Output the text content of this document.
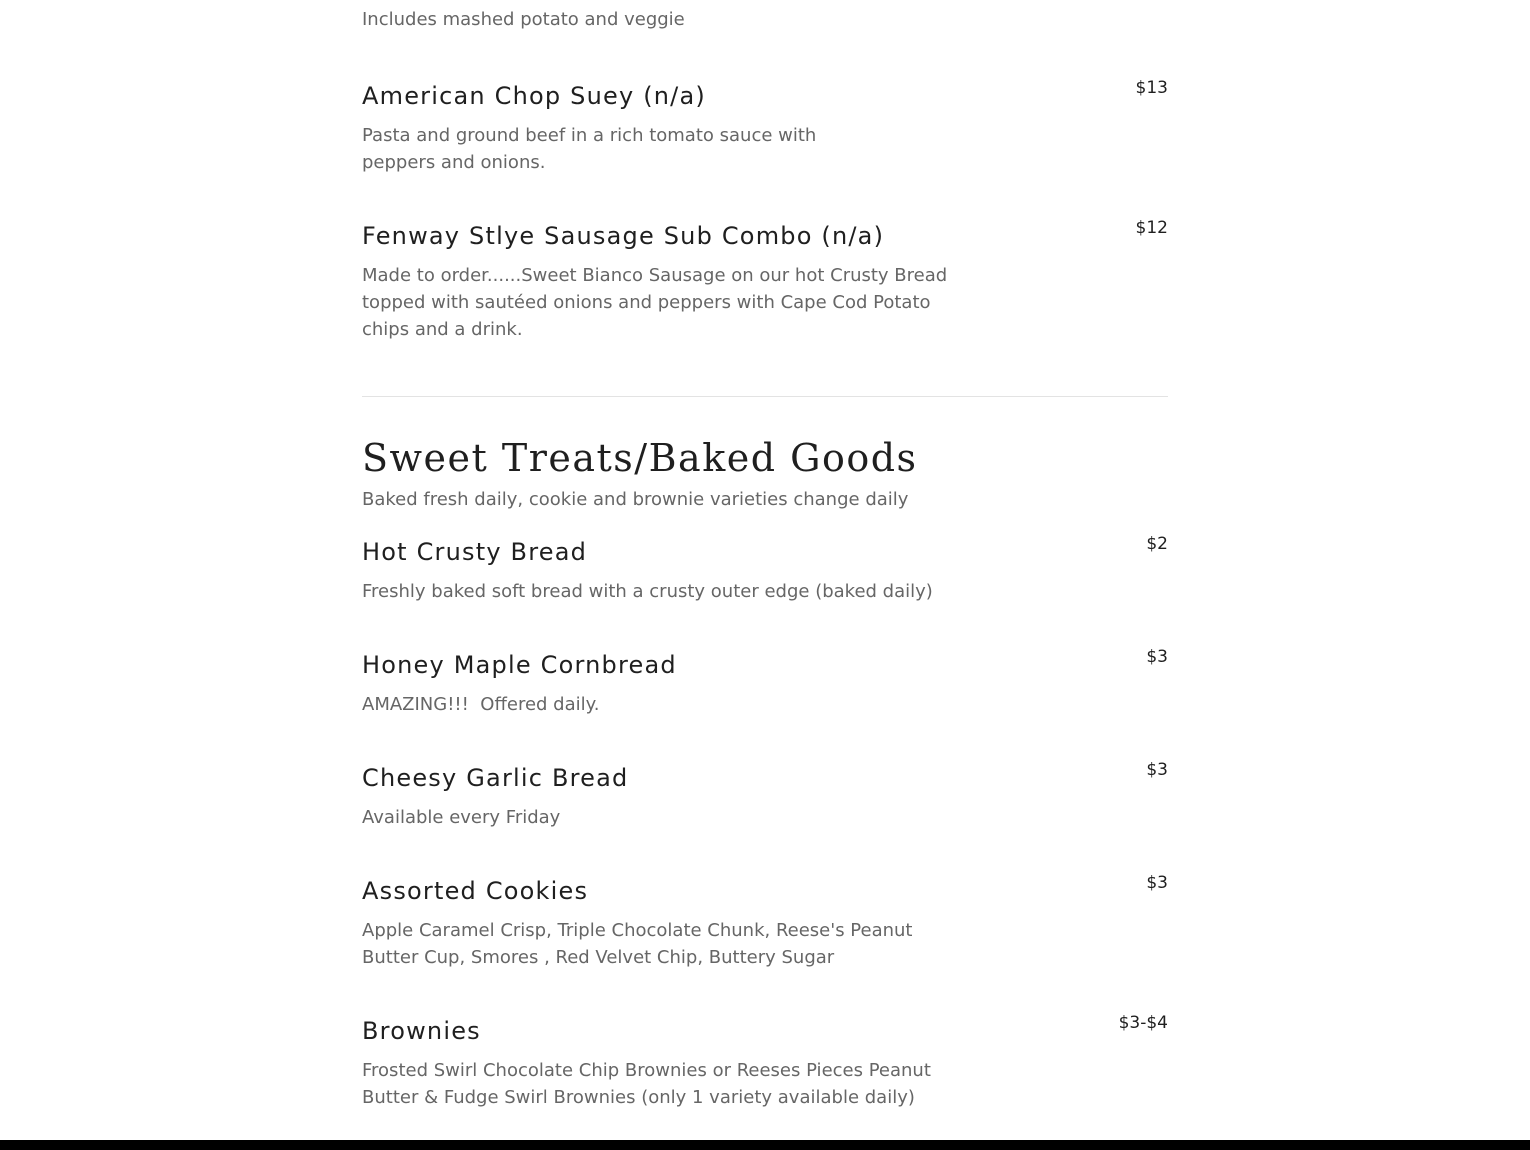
Includes mashed potato and veggie
American Chop Suey (n/a)	$13
Pasta and ground beef in a rich tomato sauce with peppers and onions.
Fenway Stlye Sausage Sub Combo (n/a)	$12
Made to order......Sweet Bianco Sausage on our hot Crusty Bread topped with sautéed onions and peppers with Cape Cod Potato chips and a drink.
Sweet Treats/Baked Goods
Baked fresh daily, cookie and brownie varieties change daily
Hot Crusty Bread	$2
Freshly baked soft bread with a crusty outer edge (baked daily)
Honey Maple Cornbread	$3
AMAZING!!!  Offered daily.
Cheesy Garlic Bread	$3
Available every Friday
Assorted Cookies	$3
Apple Caramel Crisp, Triple Chocolate Chunk, Reese's Peanut Butter Cup, Smores , Red Velvet Chip, Buttery Sugar
Brownies	$3-$4
Frosted Swirl Chocolate Chip Brownies or Reeses Pieces Peanut Butter & Fudge Swirl Brownies (only 1 variety available daily)
